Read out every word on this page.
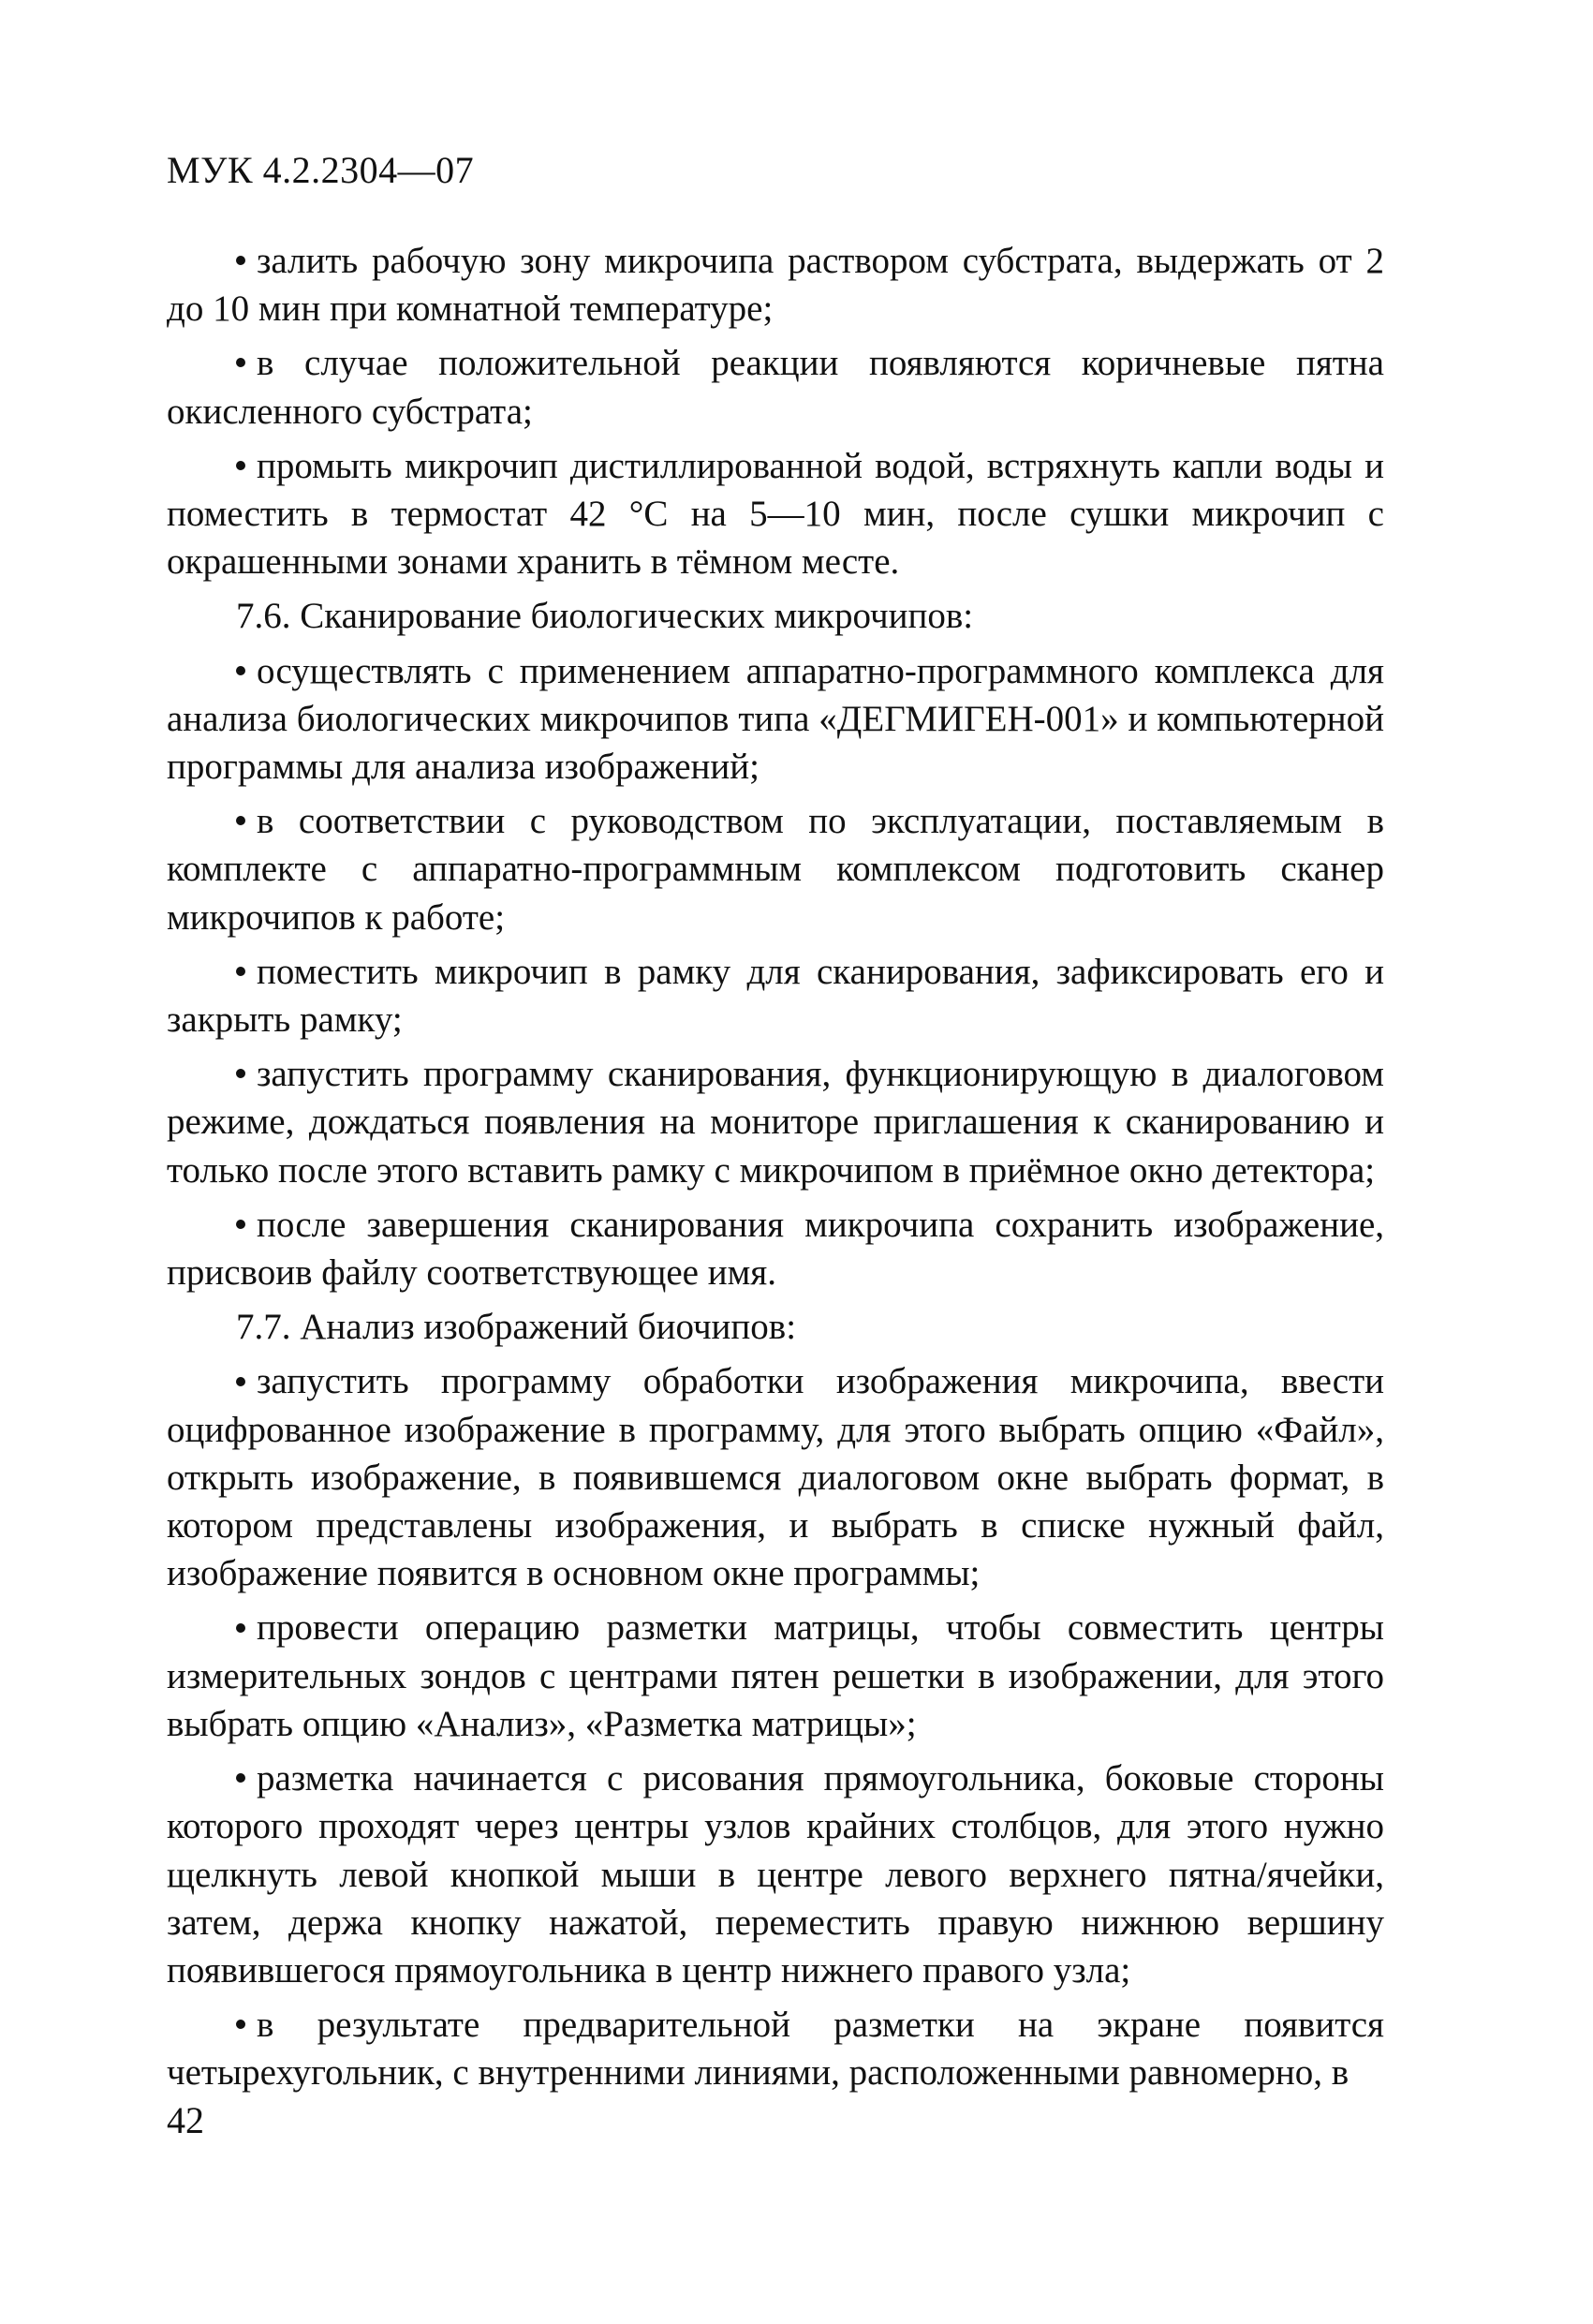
МУК 4.2.2304—07

залить рабочую зону микрочипа раствором субстрата, выдержать от 2 до 10 мин при комнатной температуре;

в случае положительной реакции появляются коричневые пятна окисленного субстрата;

промыть микрочип дистиллированной водой, встряхнуть капли воды и поместить в термостат 42 °С на 5—10 мин, после сушки микрочип с окрашенными зонами хранить в тёмном месте.

7.6. Сканирование биологических микрочипов:

осуществлять с применением аппаратно-программного комплекса для анализа биологических микрочипов типа «ДЕГМИГЕН-001» и компьютерной программы для анализа изображений;

в соответствии с руководством по эксплуатации, поставляемым в комплекте с аппаратно-программным комплексом подготовить сканер микрочипов к работе;

поместить микрочип в рамку для сканирования, зафиксировать его и закрыть рамку;

запустить программу сканирования, функционирующую в диалоговом режиме, дождаться появления на мониторе приглашения к сканированию и только после этого вставить рамку с микрочипом в приёмное окно детектора;

после завершения сканирования микрочипа сохранить изображение, присвоив файлу соответствующее имя.

7.7. Анализ изображений биочипов:

запустить программу обработки изображения микрочипа, ввести оцифрованное изображение в программу, для этого выбрать опцию «Файл», открыть изображение, в появившемся диалоговом окне выбрать формат, в котором представлены изображения, и выбрать в списке нужный файл, изображение появится в основном окне программы;

провести операцию разметки матрицы, чтобы совместить центры измерительных зондов с центрами пятен решетки в изображении, для этого выбрать опцию «Анализ», «Разметка матрицы»;

разметка начинается с рисования прямоугольника, боковые стороны которого проходят через центры узлов крайних столбцов, для этого нужно щелкнуть левой кнопкой мыши в центре левого верхнего пятна/ячейки, затем, держа кнопку нажатой, переместить правую нижнюю вершину появившегося прямоугольника в центр нижнего правого узла;

в результате предварительной разметки на экране появится четырехугольник, с внутренними линиями, расположенными равномерно, в

42
